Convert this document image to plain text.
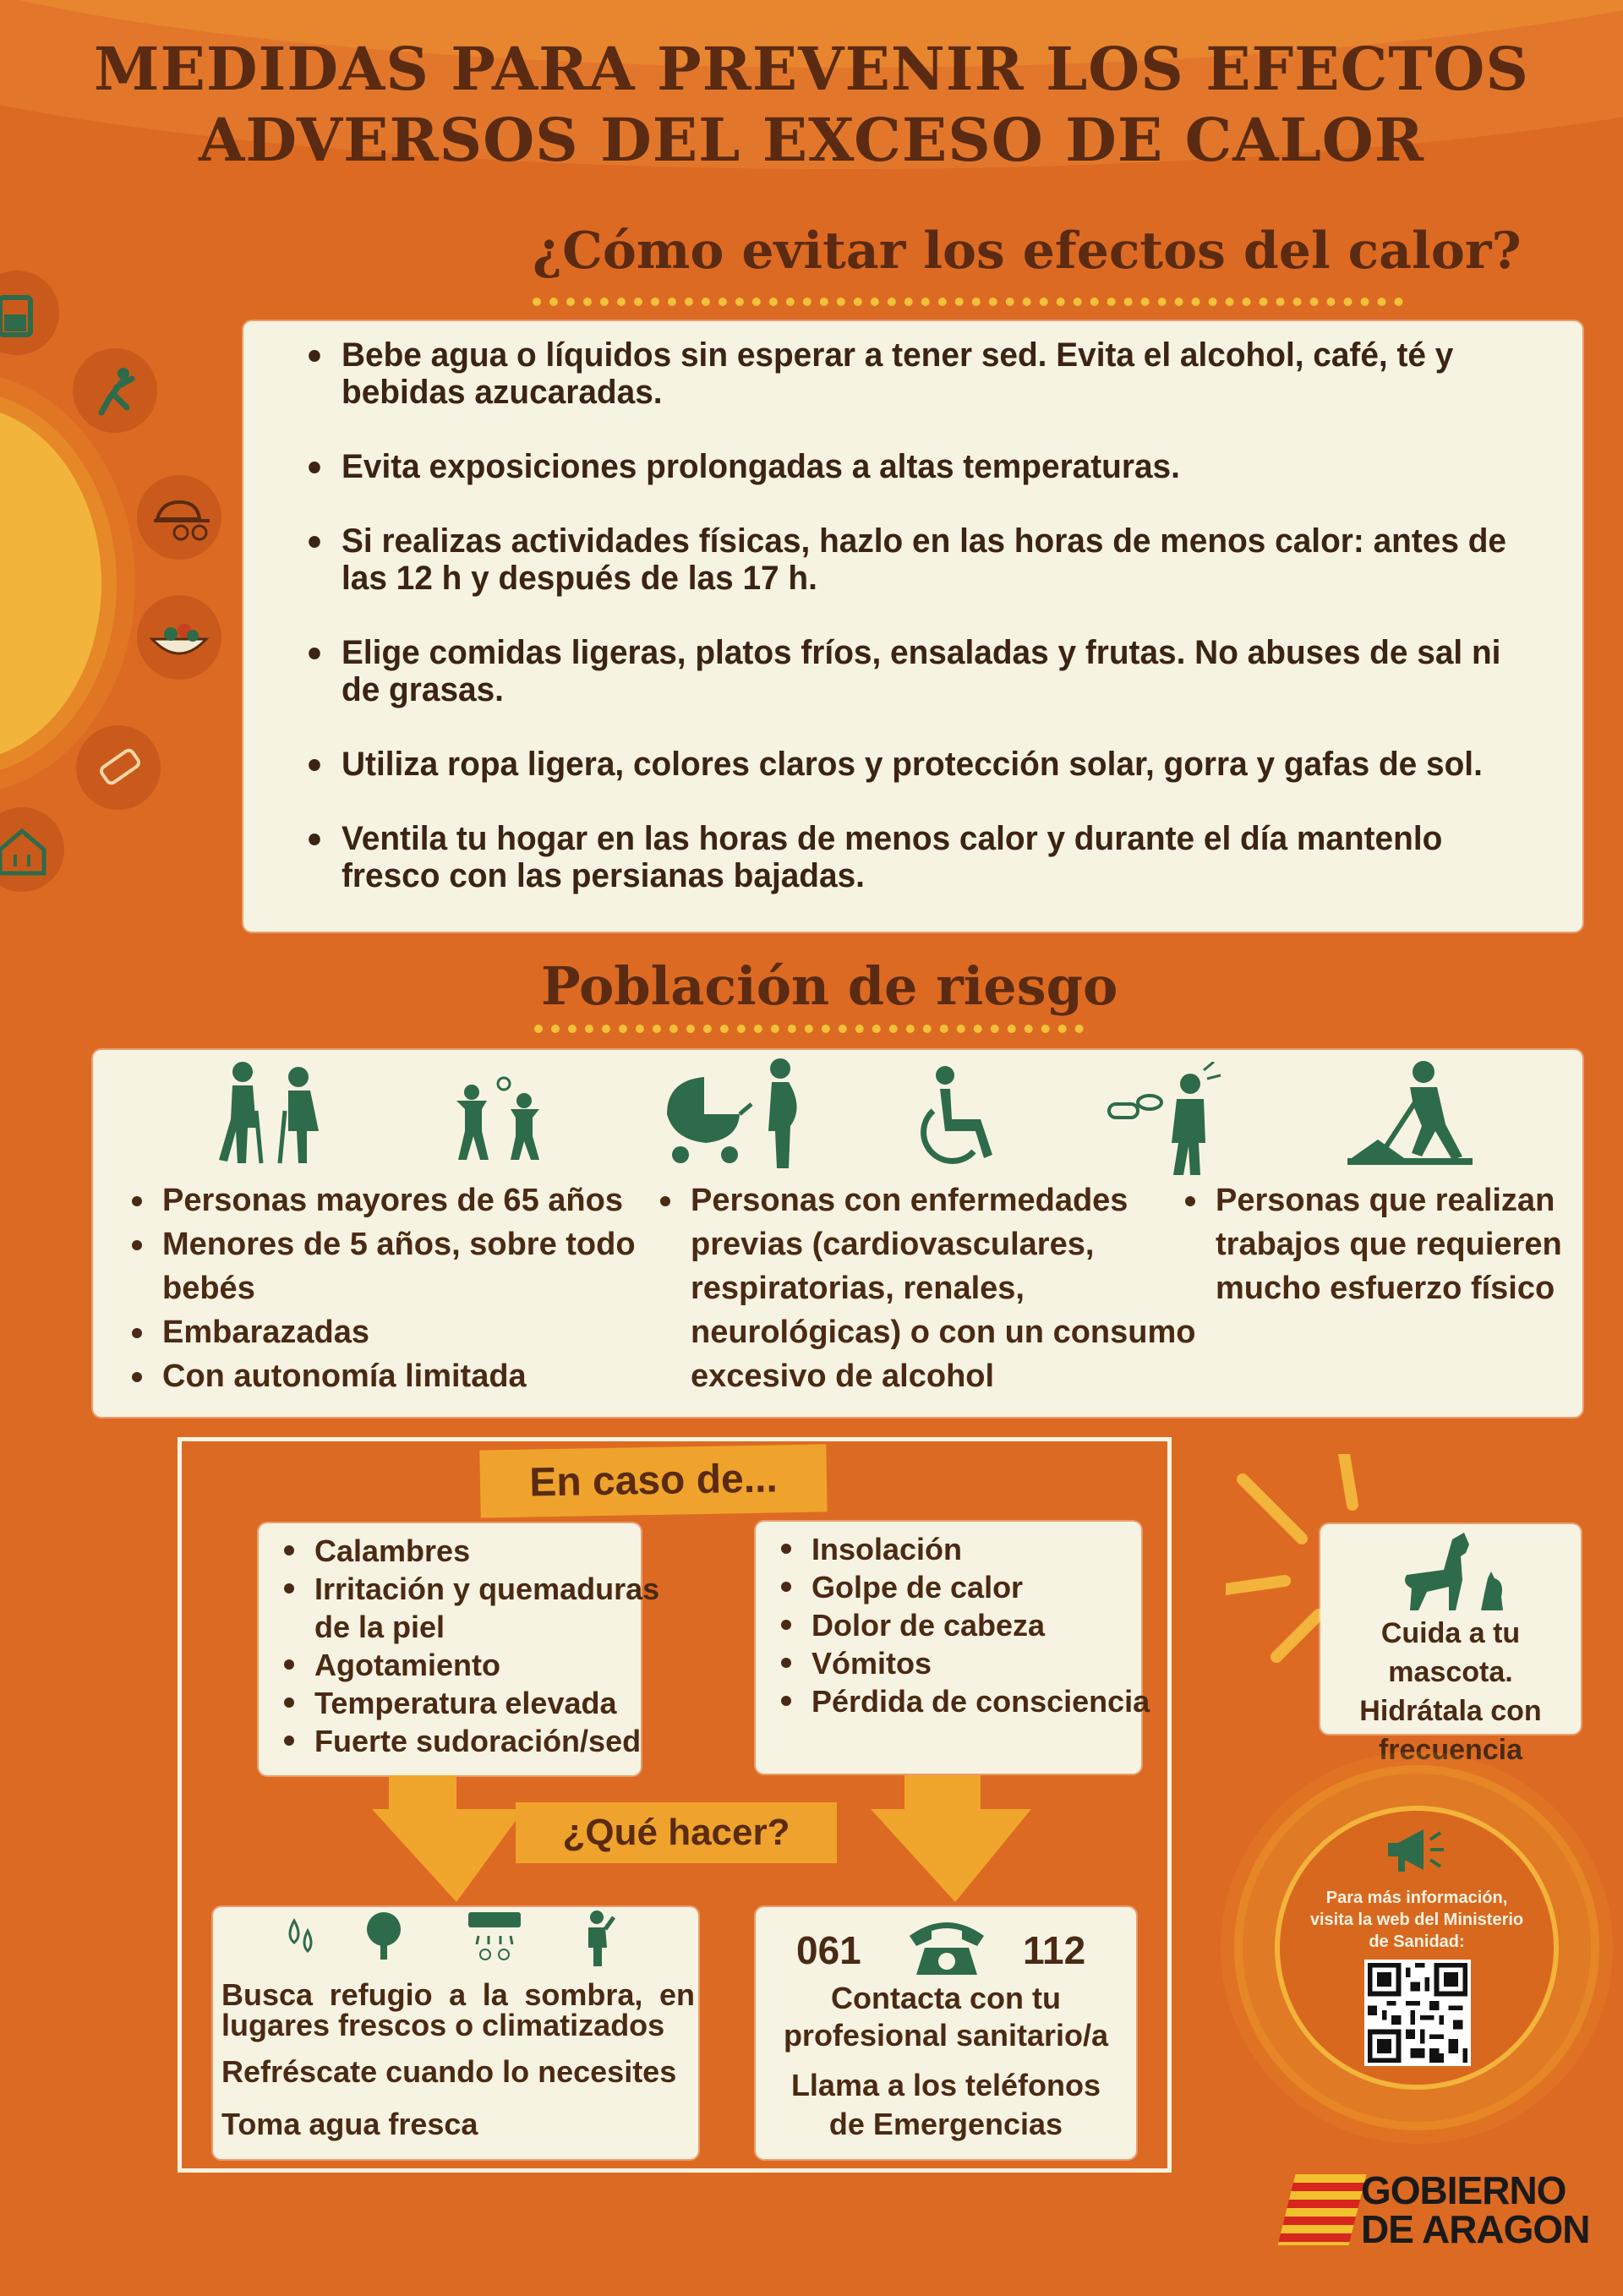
MEDIDAS PARA PREVENIR LOS EFECTOS
ADVERSOS DEL EXCESO DE CALOR
¿Cómo evitar los efectos del calor?
Bebe agua o líquidos sin esperar a tener sed. Evita el alcohol, café, té y bebidas azucaradas.
Evita exposiciones prolongadas a altas temperaturas.
Si realizas actividades físicas, hazlo en las horas de menos calor: antes de las 12 h y después de las 17 h.
Elige comidas ligeras, platos fríos, ensaladas y frutas. No abuses de sal ni de grasas.
Utiliza ropa ligera, colores claros y protección solar, gorra y gafas de sol.
Ventila tu hogar en las horas de menos calor y durante el día mantenlo fresco con las persianas bajadas.
Población de riesgo
Personas mayores de 65 años
Menores de 5 años, sobre todo bebés
Embarazadas
Con autonomía limitada
Personas con enfermedades previas (cardiovasculares, respiratorias, renales, neurológicas) o con un consumo excesivo de alcohol
Personas que realizan trabajos que requieren mucho esfuerzo físico
En caso de...
Calambres
Irritación y quemaduras de la piel
Agotamiento
Temperatura elevada
Fuerte sudoración/sed
Insolación
Golpe de calor
Dolor de cabeza
Vómitos
Pérdida de consciencia
¿Qué hacer?
Busca refugio a la sombra, en lugares frescos o climatizados
Refréscate cuando lo necesites
Toma agua fresca
061	112
Contacta con tu profesional sanitario/a
Llama a los teléfonos de Emergencias
Cuida a tu mascota. Hidrátala con frecuencia
Para más información, visita la web del Ministerio de Sanidad:
GOBIERNO
DE ARAGON
